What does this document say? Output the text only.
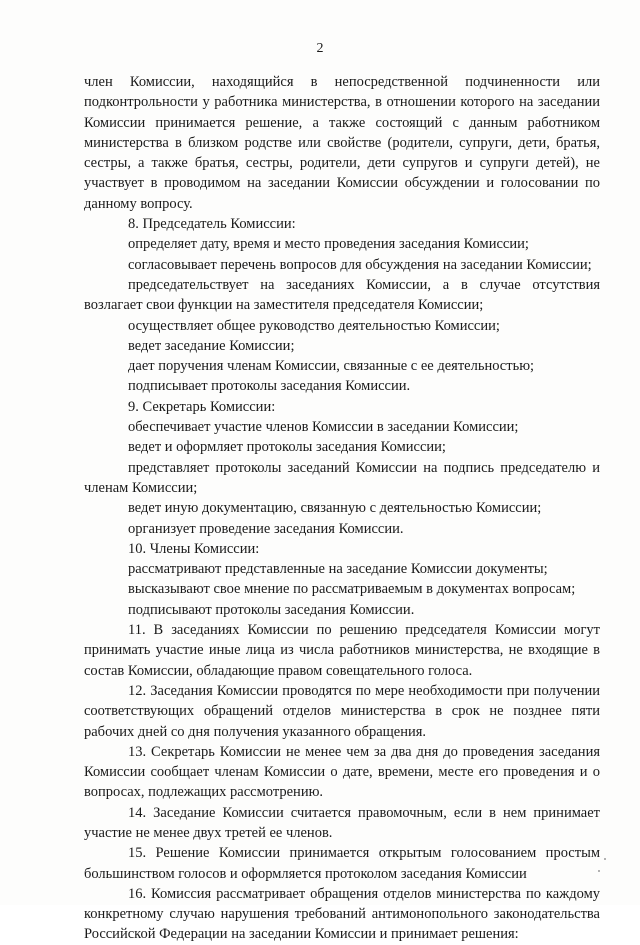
2

член Комиссии, находящийся в непосредственной подчиненности или подконтрольности у работника министерства, в отношении которого на заседании Комиссии принимается решение, а также состоящий с данным работником министерства в близком родстве или свойстве (родители, супруги, дети, братья, сестры, а также братья, сестры, родители, дети супругов и супруги детей), не участвует в проводимом на заседании Комиссии обсуждении и голосовании по данному вопросу.

8. Председатель Комиссии:

определяет дату, время и место проведения заседания Комиссии;

согласовывает перечень вопросов для обсуждения на заседании Комиссии;

председательствует на заседаниях Комиссии, а в случае отсутствия возлагает свои функции на заместителя председателя Комиссии;

осуществляет общее руководство деятельностью Комиссии;

ведет заседание Комиссии;

дает поручения членам Комиссии, связанные с ее деятельностью;

подписывает протоколы заседания Комиссии.

9. Секретарь Комиссии:

обеспечивает участие членов Комиссии в заседании Комиссии;

ведет и оформляет протоколы заседания Комиссии;

представляет протоколы заседаний Комиссии на подпись председателю и членам Комиссии;

ведет иную документацию, связанную с деятельностью Комиссии;

организует проведение заседания Комиссии.

10. Члены Комиссии:

рассматривают представленные на заседание Комиссии документы;

высказывают свое мнение по рассматриваемым в документах вопросам;

подписывают протоколы заседания Комиссии.

11. В заседаниях Комиссии по решению председателя Комиссии могут принимать участие иные лица из числа работников министерства, не входящие в состав Комиссии, обладающие правом совещательного голоса.

12. Заседания Комиссии проводятся по мере необходимости при получении соответствующих обращений отделов министерства в срок не позднее пяти рабочих дней со дня получения указанного обращения.

13. Секретарь Комиссии не менее чем за два дня до проведения заседания Комиссии сообщает членам Комиссии о дате, времени, месте его проведения и о вопросах, подлежащих рассмотрению.

14. Заседание Комиссии считается правомочным, если в нем принимает участие не менее двух третей ее членов.

15. Решение Комиссии принимается открытым голосованием простым большинством голосов и оформляется протоколом заседания Комиссии

16. Комиссия рассматривает обращения отделов министерства по каждому конкретному случаю нарушения требований антимонопольного законодательства Российской Федерации на заседании Комиссии и принимает решения:
